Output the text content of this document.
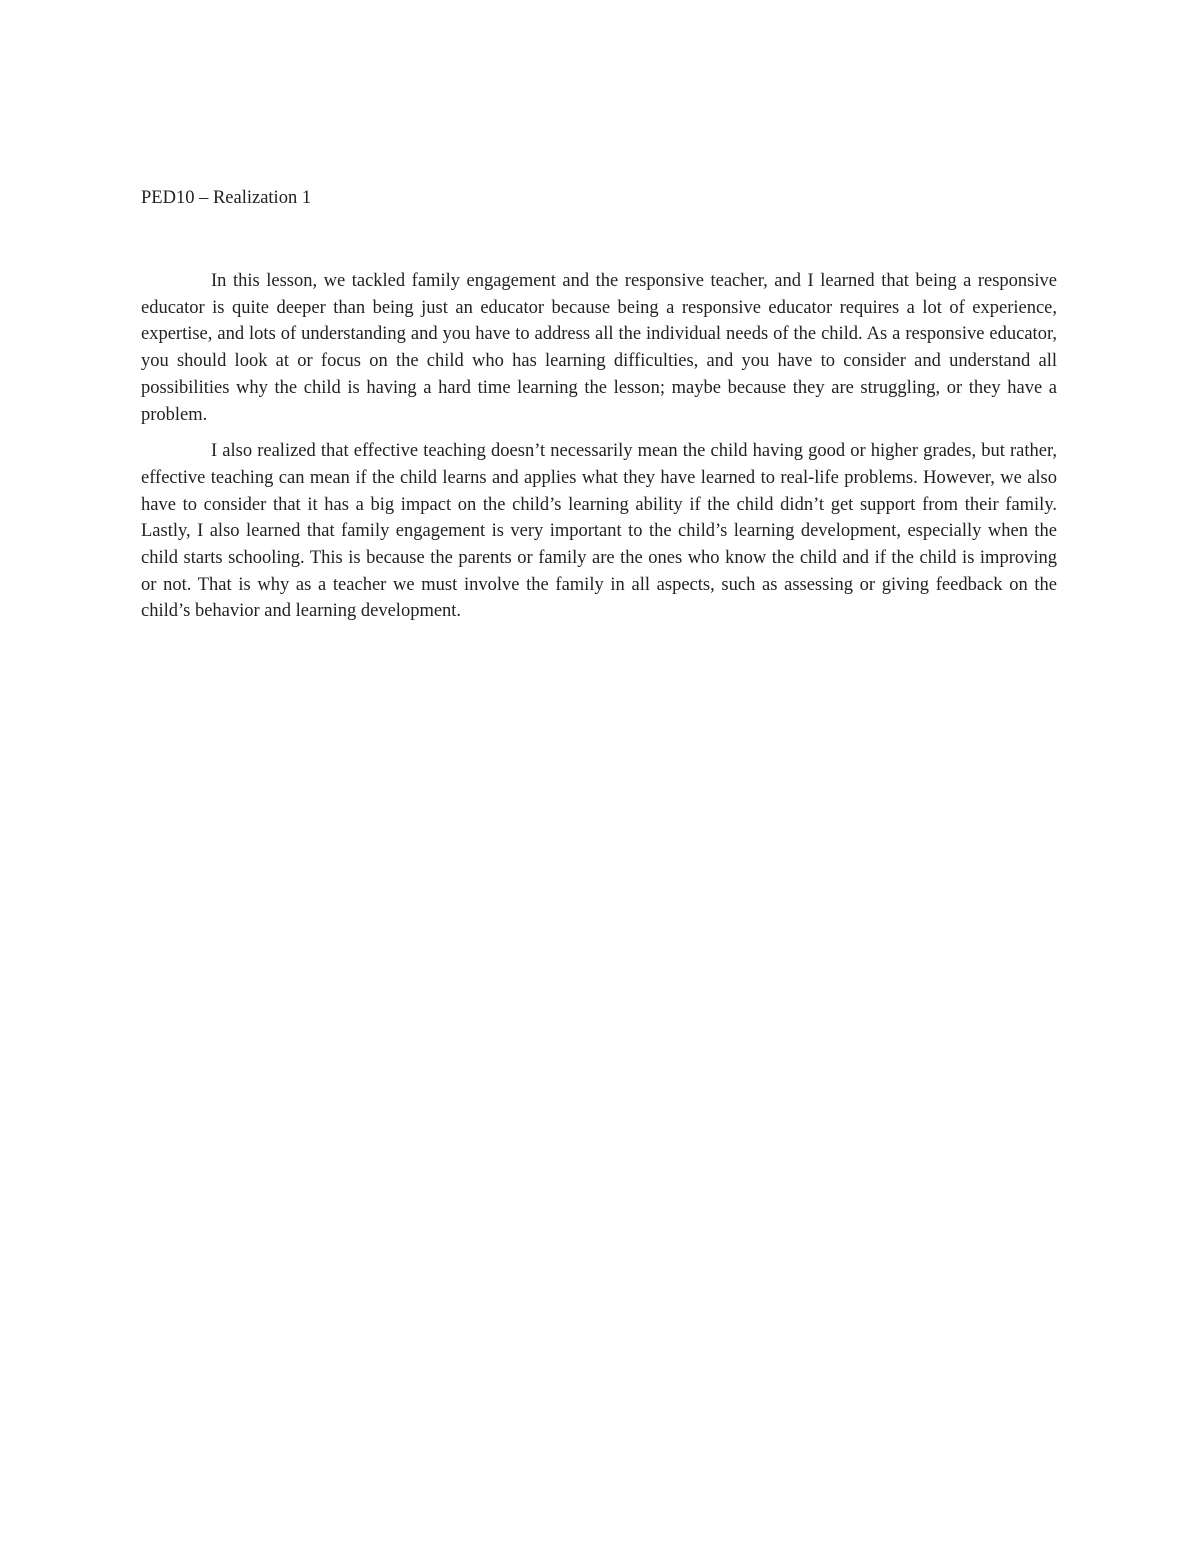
PED10 – Realization 1

In this lesson, we tackled family engagement and the responsive teacher, and I learned that being a responsive educator is quite deeper than being just an educator because being a responsive educator requires a lot of experience, expertise, and lots of understanding and you have to address all the individual needs of the child. As a responsive educator, you should look at or focus on the child who has learning difficulties, and you have to consider and understand all possibilities why the child is having a hard time learning the lesson; maybe because they are struggling, or they have a problem.

I also realized that effective teaching doesn’t necessarily mean the child having good or higher grades, but rather, effective teaching can mean if the child learns and applies what they have learned to real-life problems. However, we also have to consider that it has a big impact on the child’s learning ability if the child didn’t get support from their family. Lastly, I also learned that family engagement is very important to the child’s learning development, especially when the child starts schooling. This is because the parents or family are the ones who know the child and if the child is improving or not. That is why as a teacher we must involve the family in all aspects, such as assessing or giving feedback on the child’s behavior and learning development.
